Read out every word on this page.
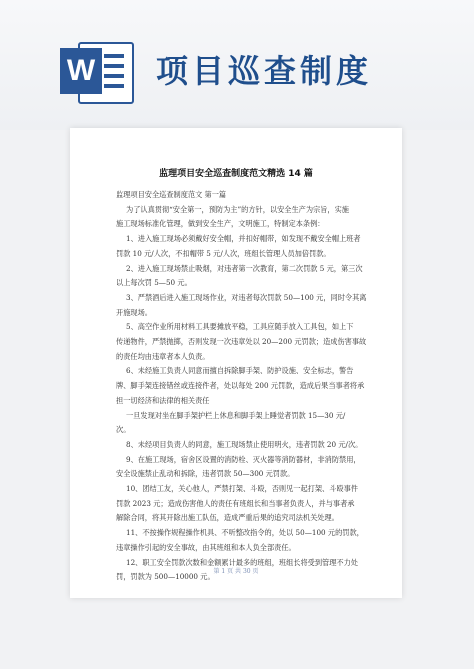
W 项目巡查制度
监理项目安全巡查制度范文精选 14 篇

监理项目安全巡查制度范文 第一篇

为了认真贯彻“安全第一，预防为主”的方针，以安全生产为宗旨，实施

施工现场标准化管理，做到安全生产，文明施工，特制定本条例：

1、进入施工现场必须戴好安全帽，并扣好帽带，如发现不戴安全帽上班者

罚款 10 元/人次，不扣帽带 5 元/人次，班组长管理人员加倍罚款。

2、进入施工现场禁止吸烟，对违者第一次教育，第二次罚款 5 元，第三次

以上每次罚 5—50 元。

3、严禁酒后进入施工现场作业，对违者每次罚款 50—100 元，同时令其离

开施现场。

5、高空作业所用材料工具要摊放平稳，工具应随手放入工具包，如上下

传递物件，严禁抛掷，否则发现一次违章处以 20—200 元罚款；造成伤害事故

的责任均由违章者本人负责。

6、未经施工负责人同意而擅自拆除脚手架、防护设施、安全标志，警告

牌、脚手架连接错丝或连接件者，处以每处 200 元罚款，造成后果当事者将承

担一切经济和法律的相关责任

一旦发现对坐在脚手架护栏上休息和脚手架上睡觉者罚款 15—30 元/

次。

8、未经项目负责人的同意，施工现场禁止使用明火，违者罚款 20 元/次。

9、在施工现场，宿舍区设置的消防栓、灭火器等消防器材，非消防禁用，

安全设施禁止乱动和拆除，违者罚款 50—300 元罚款。

10、团结工友，关心他人，严禁打架、斗殴，否则见一起打架、斗殴事件

罚款 2023 元；造成伤害他人的责任有班组长和当事者负责人，并与事者承

解除合同，将其开除出施工队伍，造成严重后果的追究司法机关处理。

11、不按操作规程操作机具、不听整改指令的，处以 50—100 元的罚款，

违章操作引起的安全事故，由其班组和本人负全部责任。

12、职工安全罚款次数和金额累计最多的班组，班组长将受到管理不力处

罚，罚款为 500—10000 元。

第 1 页 共 30 页
